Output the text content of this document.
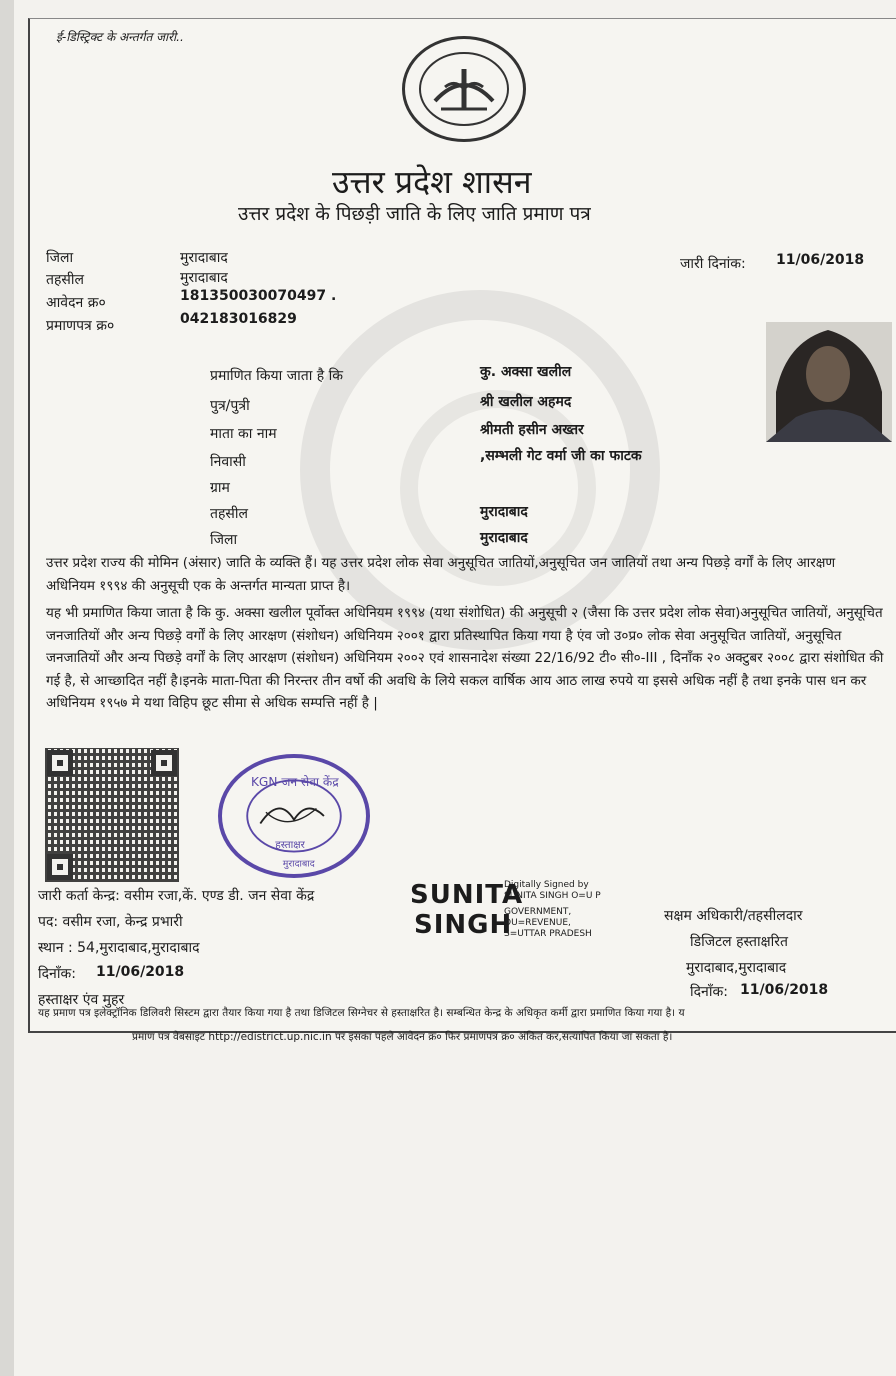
ई-डिस्ट्रिक्ट के अन्तर्गत जारी..
उत्तर प्रदेश शासन
उत्तर प्रदेश के पिछड़ी जाति के लिए जाति प्रमाण पत्र
जिला	मुरादाबाद
तहसील	मुरादाबाद
आवेदन क्र०	181350030070497 .
प्रमाणपत्र क्र०	042183016829
जारी दिनांक: 11/06/2018
प्रमाणित किया जाता है कि	कु. अक्सा खलील
पुत्र/पुत्री	श्री खलील अहमद
माता का नाम	श्रीमती हसीन अख्तर
निवासी	,सम्भली गेट वर्मा जी का फाटक
ग्राम
तहसील	मुरादाबाद
जिला	मुरादाबाद
उत्तर प्रदेश राज्य की मोमिन (अंसार) जाति के व्यक्ति हैं। यह उत्तर प्रदेश लोक सेवा अनुसूचित जातियों,अनुसूचित जन जातियों तथा अन्य पिछड़े वर्गों के लिए आरक्षण अधिनियम १९९४ की अनुसूची एक के अन्तर्गत मान्यता प्राप्त है।
यह भी प्रमाणित किया जाता है कि कु. अक्सा खलील पूर्वोक्त अधिनियम १९९४ (यथा संशोधित) की अनुसूची २ (जैसा कि उत्तर प्रदेश लोक सेवा)अनुसूचित जातियों, अनुसूचित जनजातियों और अन्य पिछड़े वर्गों के लिए आरक्षण (संशोधन) अधिनियम २००१ द्वारा प्रतिस्थापित किया गया है एंव जो उ०प्र० लोक सेवा अनुसूचित जातियों, अनुसूचित जनजातियों और अन्य पिछड़े वर्गों के लिए आरक्षण (संशोधन) अधिनियम २००२ एवं शासनादेश संख्या 22/16/92 टी० सी०-III , दिनाँक २० अक्टुबर २००८ द्वारा संशोधित की गई है, से आच्छादित नहीं है।इनके माता-पिता की निरन्तर तीन वर्षो की अवधि के लिये सकल वार्षिक आय आठ लाख रुपये या इससे अधिक नहीं है तथा इनके पास धन कर अधिनियम १९५७ मे यथा विहिप छूट सीमा से अधिक सम्पत्ति नहीं है |
KGN जन सेवा केंद्र
हस्ताक्षर
मुरादाबाद
जारी कर्ता केन्द्र: वसीम रजा,कें. एण्ड डी. जन सेवा केंद्र
पद: वसीम रजा, केन्द्र प्रभारी
स्थान : 54,मुरादाबाद,मुरादाबाद
दिनाँक: 11/06/2018
हस्ताक्षर एंव मुहर
SUNITA
SINGH
Digitally Signed by
SUNITA SINGH O=U P
GOVERNMENT,
OU=REVENUE,
S=UTTAR PRADESH
सक्षम अधिकारी/तहसीलदार
डिजिटल हस्ताक्षरित
मुरादाबाद,मुरादाबाद
दिनाँक: 11/06/2018
यह प्रमाण पत्र इलेक्ट्रॉनिक डिलिवरी सिस्टम द्वारा तैयार किया गया है तथा डिजिटल सिग्नेचर से हस्ताक्षरित है। सम्बन्धित केन्द्र के अधिकृत कर्मी द्वारा प्रमाणित किया गया है। य
प्रमाण पत्र वेबसाइट http://edistrict.up.nic.in पर इसका पहले आवेदन क्र० फिर प्रमाणपत्र क्र० अंकित कर,सत्यापित किया जा सकता है।
